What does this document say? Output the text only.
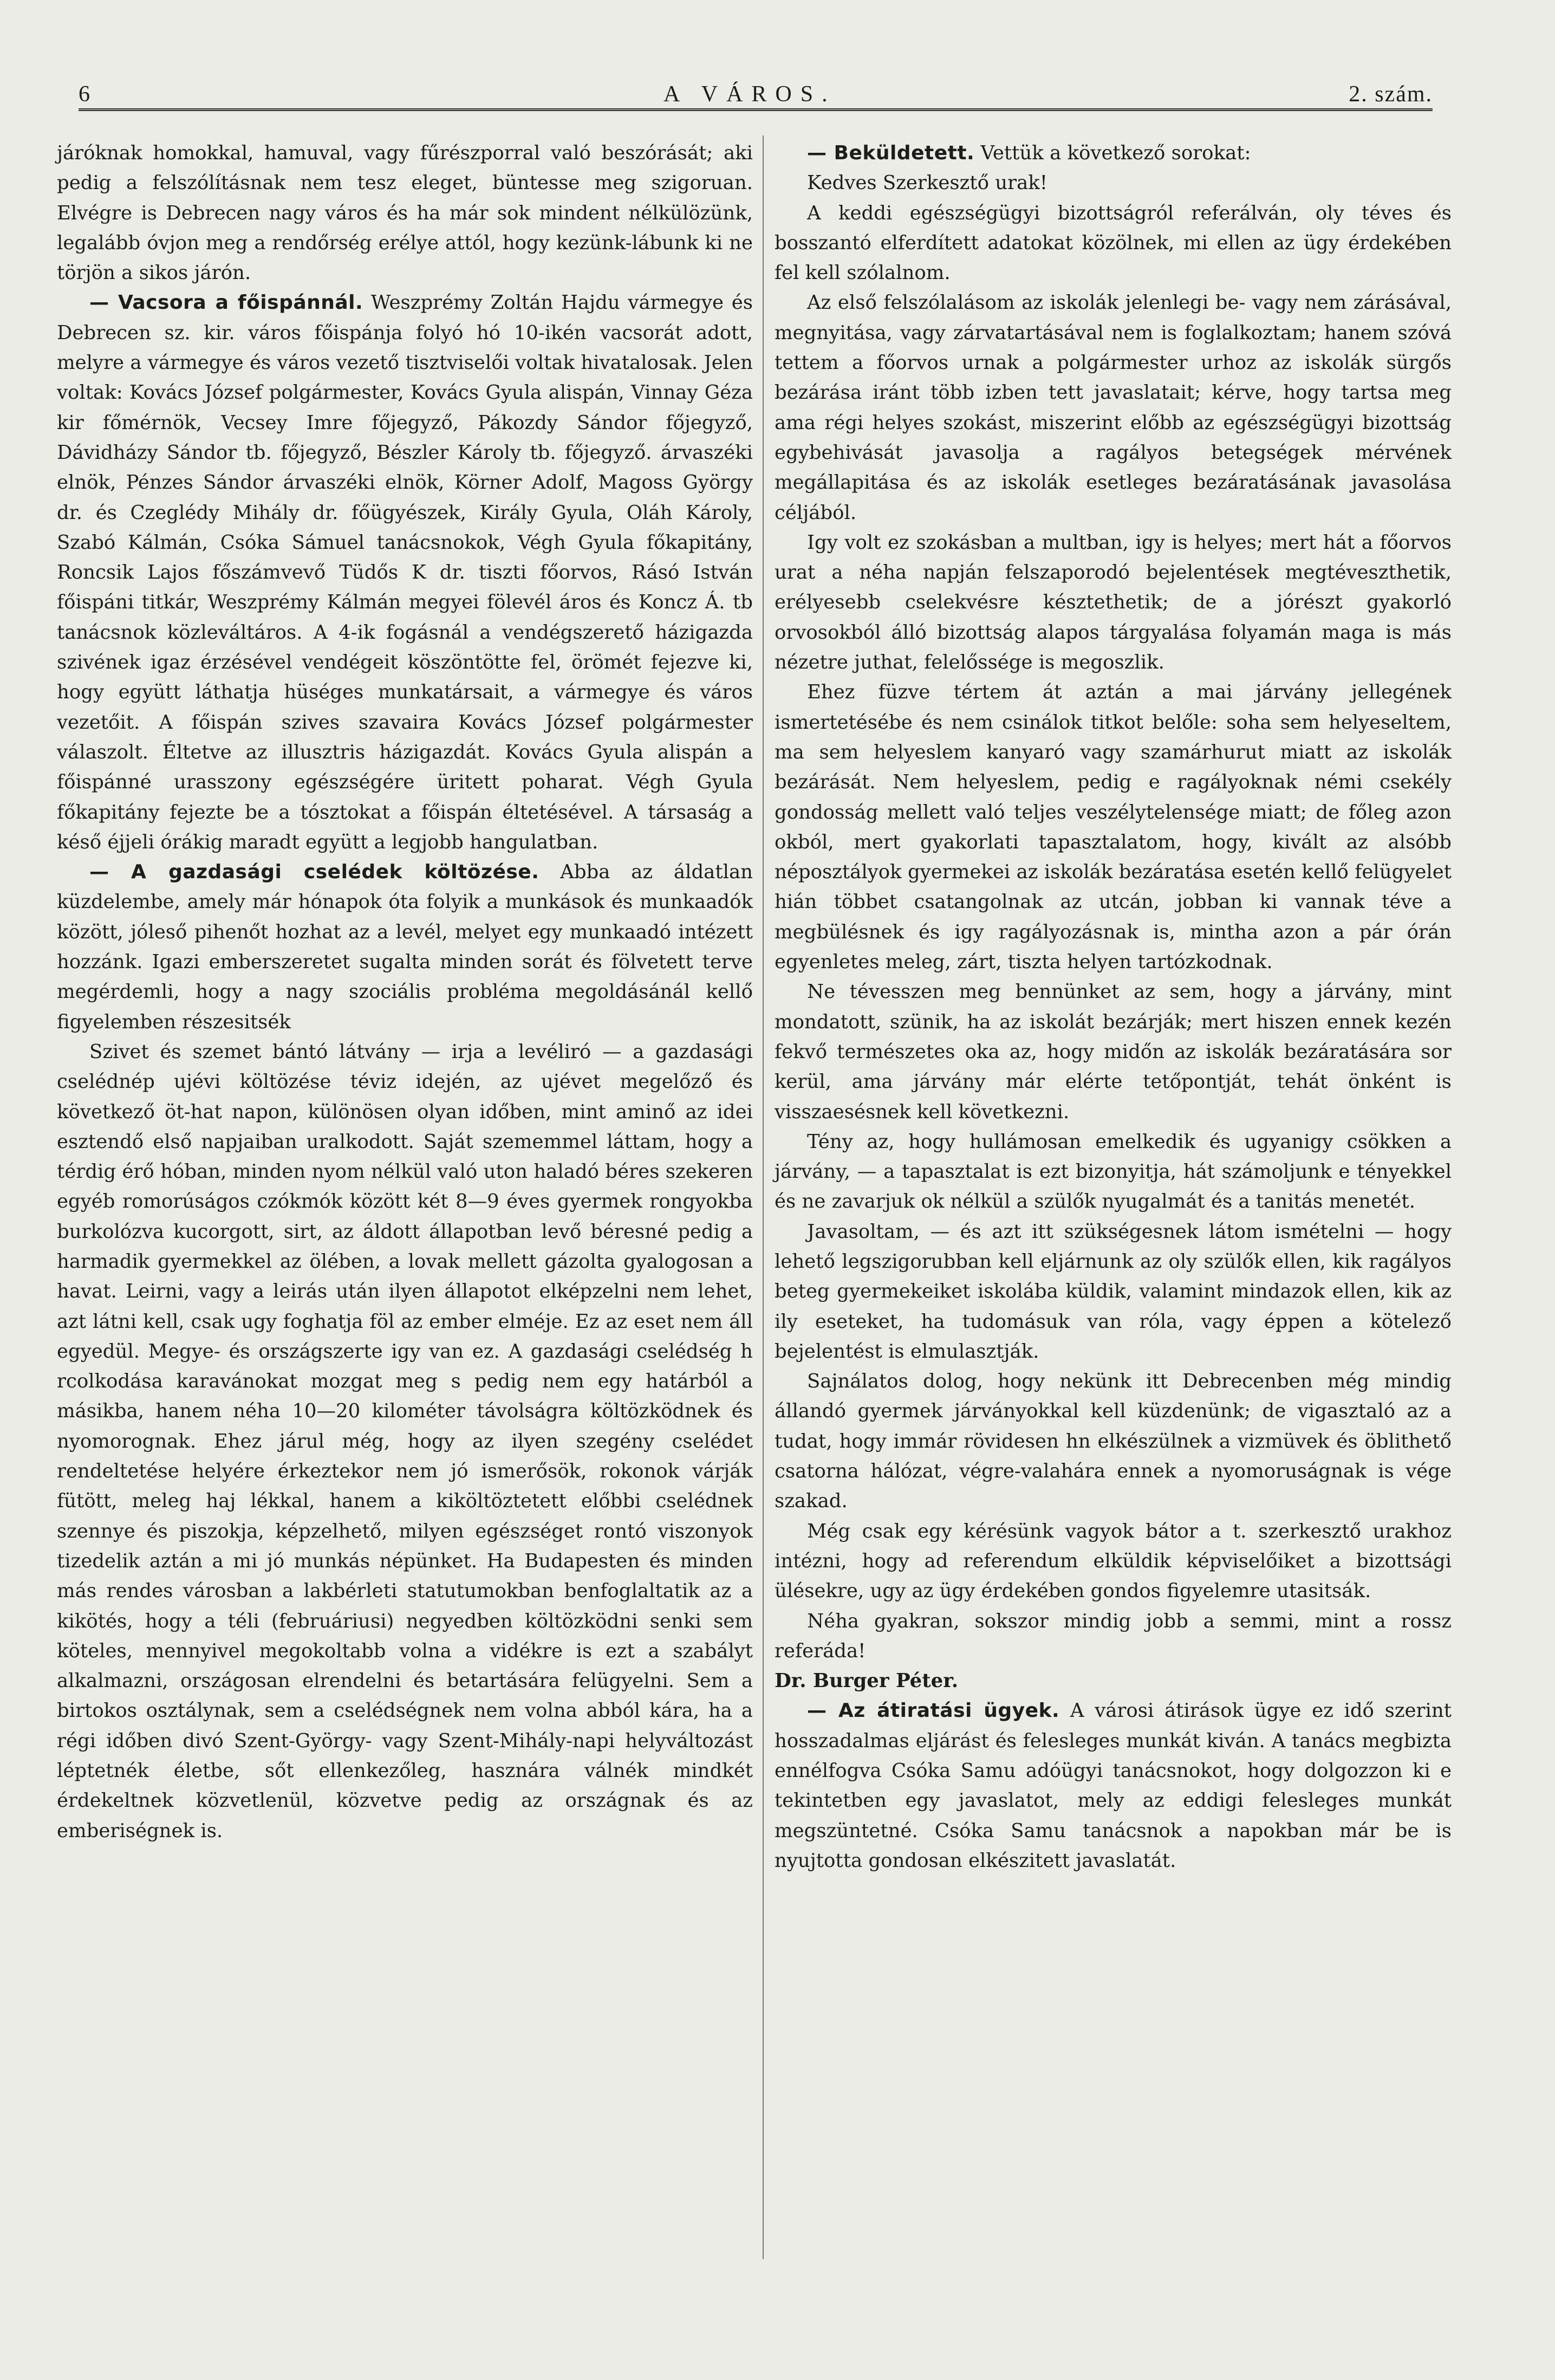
6	A VÁROS.	2. szám.

járóknak homokkal, hamuval, vagy fűrészporral való beszórását; aki pedig a felszólításnak nem tesz eleget, büntesse meg szigoruan. Elvégre is Debrecen nagy város és ha már sok mindent nélkülözünk, legalább óvjon meg a rendőrség erélye attól, hogy kezünk-lábunk ki ne törjön a sikos járón.

— Vacsora a főispánnál. Weszprémy Zoltán Hajdu vármegye és Debrecen sz. kir. város főispánja folyó hó 10-ikén vacsorát adott, melyre a vármegye és város vezető tisztviselői voltak hivatalosak. Jelen voltak: Kovács József polgármester, Kovács Gyula alispán, Vinnay Géza kir főmérnök, Vecsey Imre főjegyző, Pákozdy Sándor főjegyző, Dávidházy Sándor tb. főjegyző, Bészler Károly tb. főjegyző. árvaszéki elnök, Pénzes Sándor árvaszéki elnök, Körner Adolf, Magoss György dr. és Czeglédy Mihály dr. főügyészek, Király Gyula, Oláh Károly, Szabó Kálmán, Csóka Sámuel tanácsnokok, Végh Gyula főkapitány, Roncsik Lajos főszámvevő Tüdős K dr. tiszti főorvos, Rásó István főispáni titkár, Weszprémy Kálmán megyei fölevél áros és Koncz Á. tb tanácsnok közleváltáros. A 4-ik fogásnál a vendégszerető házigazda szivének igaz érzésével vendégeit köszöntötte fel, örömét fejezve ki, hogy együtt láthatja hüséges munkatársait, a vármegye és város vezetőit. A főispán szives szavaira Kovács József polgármester válaszolt. Éltetve az illusztris házigazdát. Kovács Gyula alispán a főispánné urasszony egészségére üritett poharat. Végh Gyula főkapitány fejezte be a tósztokat a főispán éltetésével. A társaság a késő éjjeli órákig maradt együtt a legjobb hangulatban.

— A gazdasági cselédek költözése. Abba az áldatlan küzdelembe, amely már hónapok óta folyik a munkások és munkaadók között, jóleső pihenőt hozhat az a levél, melyet egy munkaadó intézett hozzánk. Igazi emberszeretet sugalta minden sorát és fölvetett terve megérdemli, hogy a nagy szociális probléma megoldásánál kellő figyelemben részesitsék

Szivet és szemet bántó látvány — irja a levéliró — a gazdasági cselédnép ujévi költözése téviz idején, az ujévet megelőző és következő öt-hat napon, különösen olyan időben, mint aminő az idei esztendő első napjaiban uralkodott. Saját szememmel láttam, hogy a térdig érő hóban, minden nyom nélkül való uton haladó béres szekeren egyéb romorúságos czókmók között két 8—9 éves gyermek rongyokba burkolózva kucorgott, sirt, az áldott állapotban levő béresné pedig a harmadik gyermekkel az ölében, a lovak mellett gázolta gyalogosan a havat. Leirni, vagy a leirás után ilyen állapotot elképzelni nem lehet, azt látni kell, csak ugy foghatja föl az ember elméje. Ez az eset nem áll egyedül. Megye- és országszerte igy van ez. A gazdasági cselédség h rcolkodása karavánokat mozgat meg s pedig nem egy határból a másikba, hanem néha 10—20 kilométer távolságra költözködnek és nyomorognak. Ehez járul még, hogy az ilyen szegény cselédet rendeltetése helyére érkeztekor nem jó ismerősök, rokonok várják fütött, meleg haj lékkal, hanem a kiköltöztetett előbbi cselédnek szennye és piszokja, képzelhető, milyen egészséget rontó viszonyok tizedelik aztán a mi jó munkás népünket. Ha Budapesten és minden más rendes városban a lakbérleti statutumokban benfoglaltatik az a kikötés, hogy a téli (februáriusi) negyedben költözködni senki sem köteles, mennyivel megokoltabb volna a vidékre is ezt a szabályt alkalmazni, országosan elrendelni és betartására felügyelni. Sem a birtokos osztálynak, sem a cselédségnek nem volna abból kára, ha a régi időben divó Szent-György- vagy Szent-Mihály-napi helyváltozást léptetnék életbe, sőt ellenkezőleg, hasznára válnék mindkét érdekeltnek közvetlenül, közvetve pedig az országnak és az emberiségnek is.

— Beküldetett. Vettük a következő sorokat:

Kedves Szerkesztő urak!

A keddi egészségügyi bizottságról referálván, oly téves és bosszantó elferdített adatokat közölnek, mi ellen az ügy érdekében fel kell szólalnom.

Az első felszólalásom az iskolák jelenlegi be- vagy nem zárásával, megnyitása, vagy zárvatartásával nem is foglalkoztam; hanem szóvá tettem a főorvos urnak a polgármester urhoz az iskolák sürgős bezárása iránt több izben tett javaslatait; kérve, hogy tartsa meg ama régi helyes szokást, miszerint előbb az egészségügyi bizottság egybehivását javasolja a ragályos betegségek mérvének megállapitása és az iskolák esetleges bezáratásának javasolása céljából.

Igy volt ez szokásban a multban, igy is helyes; mert hát a főorvos urat a néha napján felszaporodó bejelentések megtéveszthetik, erélyesebb cselekvésre késztethetik; de a jórészt gyakorló orvosokból álló bizottság alapos tárgyalása folyamán maga is más nézetre juthat, felelőssége is megoszlik.

Ehez füzve tértem át aztán a mai járvány jellegének ismertetésébe és nem csinálok titkot belőle: soha sem helyeseltem, ma sem helyeslem kanyaró vagy szamárhurut miatt az iskolák bezárását. Nem helyeslem, pedig e ragályoknak némi csekély gondosság mellett való teljes veszélytelensége miatt; de főleg azon okból, mert gyakorlati tapasztalatom, hogy, kivált az alsóbb néposztályok gyermekei az iskolák bezáratása esetén kellő felügyelet hián többet csatangolnak az utcán, jobban ki vannak téve a megbülésnek és igy ragályozásnak is, mintha azon a pár órán egyenletes meleg, zárt, tiszta helyen tartózkodnak.

Ne tévesszen meg bennünket az sem, hogy a járvány, mint mondatott, szünik, ha az iskolát bezárják; mert hiszen ennek kezén fekvő természetes oka az, hogy midőn az iskolák bezáratására sor kerül, ama járvány már elérte tetőpontját, tehát önként is visszaesésnek kell következni.

Tény az, hogy hullámosan emelkedik és ugyanigy csökken a járvány, — a tapasztalat is ezt bizonyitja, hát számoljunk e tényekkel és ne zavarjuk ok nélkül a szülők nyugalmát és a tanitás menetét.

Javasoltam, — és azt itt szükségesnek látom ismételni — hogy lehető legszigorubban kell eljárnunk az oly szülők ellen, kik ragályos beteg gyermekeiket iskolába küldik, valamint mindazok ellen, kik az ily eseteket, ha tudomásuk van róla, vagy éppen a kötelező bejelentést is elmulasztják.

Sajnálatos dolog, hogy nekünk itt Debrecenben még mindig állandó gyermek járványokkal kell küzdenünk; de vigasztaló az a tudat, hogy immár rövidesen hn elkészülnek a vizmüvek és öblithető csatorna hálózat, végre-valahára ennek a nyomoruságnak is vége szakad.

Még csak egy kérésünk vagyok bátor a t. szerkesztő urakhoz intézni, hogy ad referendum elküldik képviselőiket a bizottsági ülésekre, ugy az ügy érdekében gondos figyelemre utasitsák.

Néha gyakran, sokszor mindig jobb a semmi, mint a rossz referáda!

Dr. Burger Péter.

— Az átiratási ügyek. A városi átirások ügye ez idő szerint hosszadalmas eljárást és felesleges munkát kiván. A tanács megbizta ennélfogva Csóka Samu adóügyi tanácsnokot, hogy dolgozzon ki e tekintetben egy javaslatot, mely az eddigi felesleges munkát megszüntetné. Csóka Samu tanácsnok a napokban már be is nyujtotta gondosan elkészitett javaslatát.
